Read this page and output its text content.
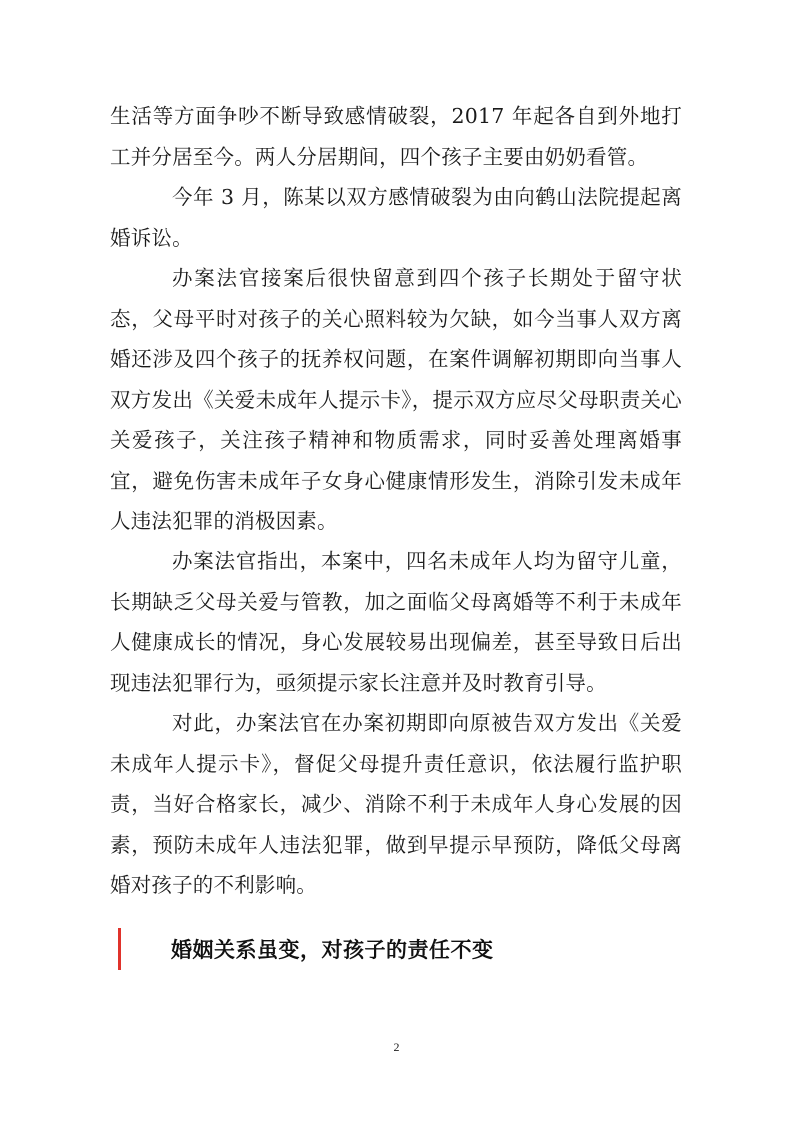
生活等方面争吵不断导致感情破裂，2017 年起各自到外地打工并分居至今。两人分居期间，四个孩子主要由奶奶看管。

今年 3 月，陈某以双方感情破裂为由向鹤山法院提起离婚诉讼。

办案法官接案后很快留意到四个孩子长期处于留守状态，父母平时对孩子的关心照料较为欠缺，如今当事人双方离婚还涉及四个孩子的抚养权问题，在案件调解初期即向当事人双方发出《关爱未成年人提示卡》，提示双方应尽父母职责关心关爱孩子，关注孩子精神和物质需求，同时妥善处理离婚事宜，避免伤害未成年子女身心健康情形发生，消除引发未成年人违法犯罪的消极因素。

办案法官指出，本案中，四名未成年人均为留守儿童，长期缺乏父母关爱与管教，加之面临父母离婚等不利于未成年人健康成长的情况，身心发展较易出现偏差，甚至导致日后出现违法犯罪行为，亟须提示家长注意并及时教育引导。

对此，办案法官在办案初期即向原被告双方发出《关爱未成年人提示卡》，督促父母提升责任意识，依法履行监护职责，当好合格家长，减少、消除不利于未成年人身心发展的因素，预防未成年人违法犯罪，做到早提示早预防，降低父母离婚对孩子的不利影响。

婚姻关系虽变，对孩子的责任不变
2
